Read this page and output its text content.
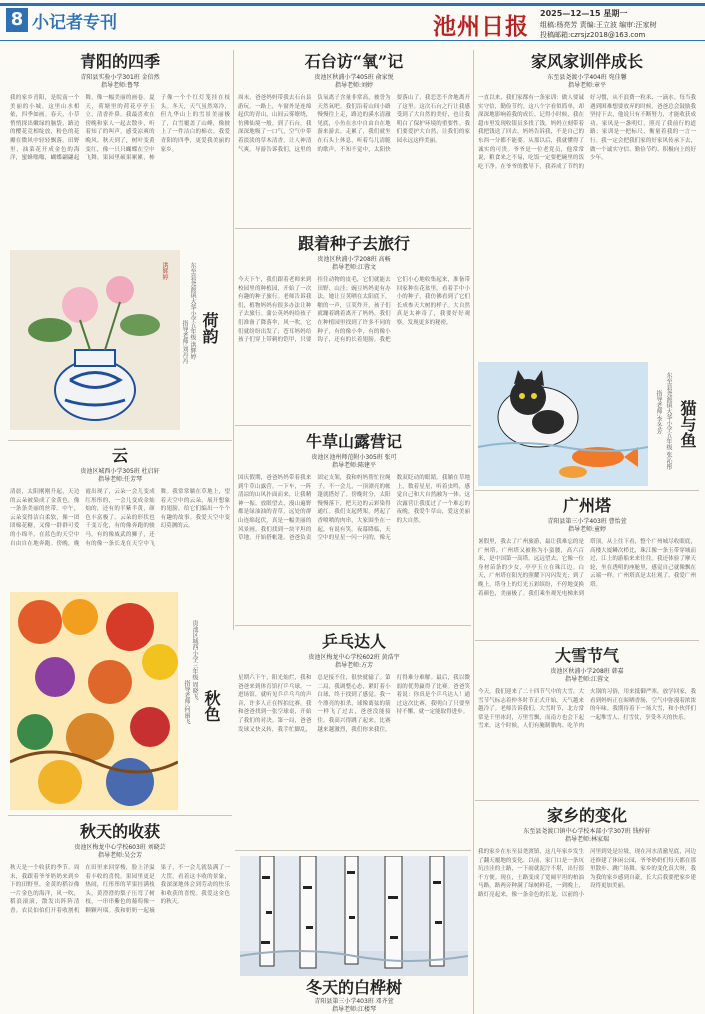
8 小记者专刊	池州日报 2025—12—15 星期一
组稿:杨亮芳 责编:王立波 编审:汪家树
投稿邮箱:czrsjz2018@163.com
青阳的四季
青阳县实验小学301班 金倍然
指导老师:鲁琴
我的家乡青阳，是皖南一个美丽的小城。这里山水相依，四季如画。春天，小草悄悄探出嫩绿的脑袋，路边的樱花竞相绽放，粉色的花瓣在微风中轻轻飘落。田野里，油菜花开成金色的海洋，蜜蜂嗡嗡，蝴蝶翩翩起舞，像一幅美丽的画卷。夏天，荷塘里的荷花亭亭玉立，清香扑鼻。我最喜欢在傍晚和家人一起去散步，听着知了的叫声，感受凉爽的晚风。秋天到了，树叶变黄变红，像一只只蝴蝶在空中飞舞。果园里硕果累累，柿子像一个个红灯笼挂在枝头。冬天，天气虽然寒冷，但九华山上的雪景美丽极了，白雪覆盖了山峰，像披上了一件洁白的棉衣。我爱青阳的四季，更爱我美丽的家乡。
洪辉婷
荷韵
东至县尧渡镇大华小学五年级 洪辉婷
指导老师:刘丹丹
云
贵池区城西小学305班 杜启轩
指导老师:任芳琴
清晨，太阳刚刚升起，天边的云朵被染成了金黄色，像一条条美丽的丝带。中午，云朵变得洁白柔软，像一团团棉花糖，又像一群群可爱的小绵羊，在蓝色的天空中自由自在地奔跑。傍晚，晚霞出现了，云朵一会儿变成红彤彤的，一会儿变成金灿灿的，还有的半紫半黄，颜色丰富极了。云朵的形状也千变万化，有的像奔跑的骏马，有的像威武的狮子，还有的像一条长龙在天空中飞舞。我常常躺在草地上，望着天空中的云朵，展开想象的翅膀，给它们编出一个个有趣的故事。我爱天空中变幻莫测的云。
秋色
贵池区城西小学三年级 周晓飞
指导老师:何丽飞
秋天的收获
贵池区梅龙中心学校603班 刘晓芸
指导老师:吴会芳
秋天是一个收获的季节。周末，我跟着爷爷奶奶来到乡下的田野里，金黄的稻谷像一片金色的海洋，风一吹，稻浪滚滚，散发出阵阵清香。农民伯伯们开着收割机在田里来回穿梭，脸上洋溢着丰收的喜悦。果园里更是热闹，红彤彤的苹果挂满枝头，黄澄澄的梨子压弯了树枝，一串串紫色的葡萄像一颗颗玛瑙。我和奶奶一起摘果子，不一会儿就装满了一大筐。看着这丰收的景象，我深深地体会到劳动的快乐和收获的喜悦。我爱这金色的秋天。
石台访“氧”记
贵池区秋浦小学405班 俞家悦
指导老师:刘婷
周末，爸爸妈妈带我去石台县游玩。一路上，车窗外是连绵起伏的青山，山间云雾缭绕，仿佛仙境一般。到了石台，我深深地吸了一口气，空气中带着淡淡的草木清香，让人神清气爽。导游告诉我们，这里的负氧离子含量非常高，被誉为天然氧吧。我们沿着山间小路慢慢往上走，路边的溪水清澈见底，小鱼在水中自由自在地游来游去。走累了，我们就坐在石头上休息，听着鸟儿清脆的歌声。不知不觉中，太阳快要落山了，我恋恋不舍地离开了这里。这次石台之行让我感受到了大自然的美好，也让我明白了保护环境的重要性。我们要爱护大自然，让我们的家园永远这样美丽。
跟着种子去旅行
贵池区秋浦小学208班 高畅
指导老师:江蓉文
今天下午，我们跟着老师来到校园里的种植园，开始了一次有趣的种子旅行。老师告诉我们，植物妈妈有很多办法让种子去旅行。蒲公英妈妈给孩子们准备了降落伞，风一吹，它们就纷纷出发了；苍耳妈妈给孩子们穿上带刺的铠甲，只要挂住动物的皮毛，它们就能去田野、山洼；豌豆妈妈更有办法，她让豆荚晒在太阳底下，啪的一声，豆荚炸开，孩子们就蹦着跳着离开了妈妈。我们在种植园里找到了许多不同的种子，有的像小伞，有的像小钩子，还有的长着翅膀。我把它们小心地收集起来，准备带回家种在花盆里。看着手中小小的种子，我仿佛看到了它们长成参天大树的样子。大自然真是太神奇了，我要好好观察，发现更多的秘密。
牛草山露营记
贵池区池州师范附小305班 张可
指导老师:陈建平
国庆假期，爸爸妈妈带着我来到牛草山露营。一下车，一阵清凉的山风扑面而来，让我精神一振。放眼望去，漫山遍野都是绿油油的青草，远处的群山连绵起伏，真是一幅美丽的风景画。我们找到一块平坦的草地，开始搭帐篷。爸爸负责固定支架，我和妈妈帮忙拉绳子，不一会儿，一顶漂亮的帐篷就搭好了。傍晚时分，太阳慢慢落下，把天边的云彩染得通红。我们支起烤架，烤起了香喷喷的肉串，大家围坐在一起，有说有笑。夜幕降临，天空中的星星一闪一闪的，像无数双眨动的眼睛。我躺在草地上，数着星星，听着虫鸣，感觉自己和大自然融为一体。这次露营让我度过了一个难忘的夜晚，我爱牛草山，爱这美丽的大自然。
乒乓达人
贵池区梅龙中心学校602班 黄浩宇
指导老师:方芳
星期六下午，阳光灿烂，我和爸爸来到体育馆打乒乓球。一进场馆，就听见乒乒乓乓的声音，许多人正在挥拍比赛。我和爸爸找到一张空球桌，开始了我们的对决。第一局，爸爸发球又快又转，我手忙脚乱，总是接不住，很快就输了。第二局，我调整心态，紧盯着小白球，终于找到了感觉。我一个漂亮的扣杀，球像离弦的箭一样飞了过去，爸爸没能接住，我高兴得跳了起来。比赛越来越激烈，我们你来我往，打得难分难解。最后，我以微弱的优势赢得了比赛。爸爸笑着说：你真是个乒乓达人！通过这次比赛，我明白了只要坚持不懈，就一定能取得进步。
冬天的白桦树
青阳县第三小学403班 邓齐萱
指导老师:江楼琴
家风家训伴成长
东至县尧渡小学404班 宛佳馨
指导老师:章平
一直以来，我们家都有一条家训：做人要诚实守信，勤俭节约。这八个字看似简单，却深深地影响着我的成长。记得小时候，我在超市里发现收银员多找了钱，妈妈立刻带着我把钱送了回去。妈妈告诉我，不是自己的东西一分都不能要。从那以后，我就懂得了诚实的可贵。爷爷是一位老党员，他常常说，粮食来之不易，吃饭一定要把碗里的饭吃干净。在爷爷的教导下，我养成了节约的好习惯，从不浪费一粒米、一滴水。每当我遇到困难想要放弃的时候，爸爸总会鼓励我坚持下去，他说只有不断努力，才能收获成功。家风是一盏明灯，照亮了我前行的道路；家训是一把标尺，衡量着我的一言一行。我一定会把我们家的好家风传承下去，做一个诚实守信、勤俭节约、积极向上的好少年。
猫与鱼
东至县尧渡镇大华小学五年级 张沁彤
指导老师:李冬芳
广州塔
青阳县第三小学403班 曹怡萱
指导老师:童婷
暑假里，我去了广州旅游，最让我难忘的是广州塔。广州塔又被称为小蛮腰，高六百米，是中国第一高塔。远远望去，它像一位身材苗条的少女，亭亭玉立在珠江边。白天，广州塔在阳光的照耀下闪闪发光；到了晚上，塔身上的灯光五彩缤纷，不停地变换着颜色，美丽极了。我们乘坐观光电梯来到塔顶，从上往下看，整个广州城尽收眼底，高楼大厦鳞次栉比，珠江像一条玉带穿城而过，江上的游船来来往往。我还体验了摩天轮，坐在透明的座舱里，感觉自己就像飘在云端一样。广州塔真是太壮观了，我爱广州塔。
大雪节气
贵池区秋浦小学208班 韩嘉
指导老师:江蓉文
今天，我们迎来了二十四节气中的大雪。大雪节气标志着仲冬时节正式开始，天气越来越冷了。老师告诉我们，大雪时节，北方常常是千里冰封，万里雪飘，而南方也会下起雪来。这个时候，人们有腌制腊肉、吃羊肉火锅的习俗，用来抵御严寒。放学回家，我看到妈妈正在晾晒香肠，空气中弥漫着浓浓的年味。我期待着下一场大雪，和小伙伴们一起堆雪人、打雪仗，享受冬天的快乐。
家乡的变化
东至县尧渡口镇中心学校本部小学307班 钱梓轩
指导老师:林家瑞
我的家乡在东至县尧渡镇，这几年家乡发生了翻天覆地的变化。以前，家门口是一条坑坑洼洼的土路，一下雨就泥泞不堪，出行很不方便。现在，土路变成了宽阔平坦的柏油马路，路两旁种满了绿树鲜花，一到晚上，路灯亮起来，像一条金色的长龙。以前的小河里到处是垃圾，现在河水清澈见底，河边还修建了休闲公园，爷爷奶奶们每天都在那里散步、跳广场舞。家乡的变化真大呀，我为我的家乡感到自豪，长大后我要把家乡建设得更加美丽。
